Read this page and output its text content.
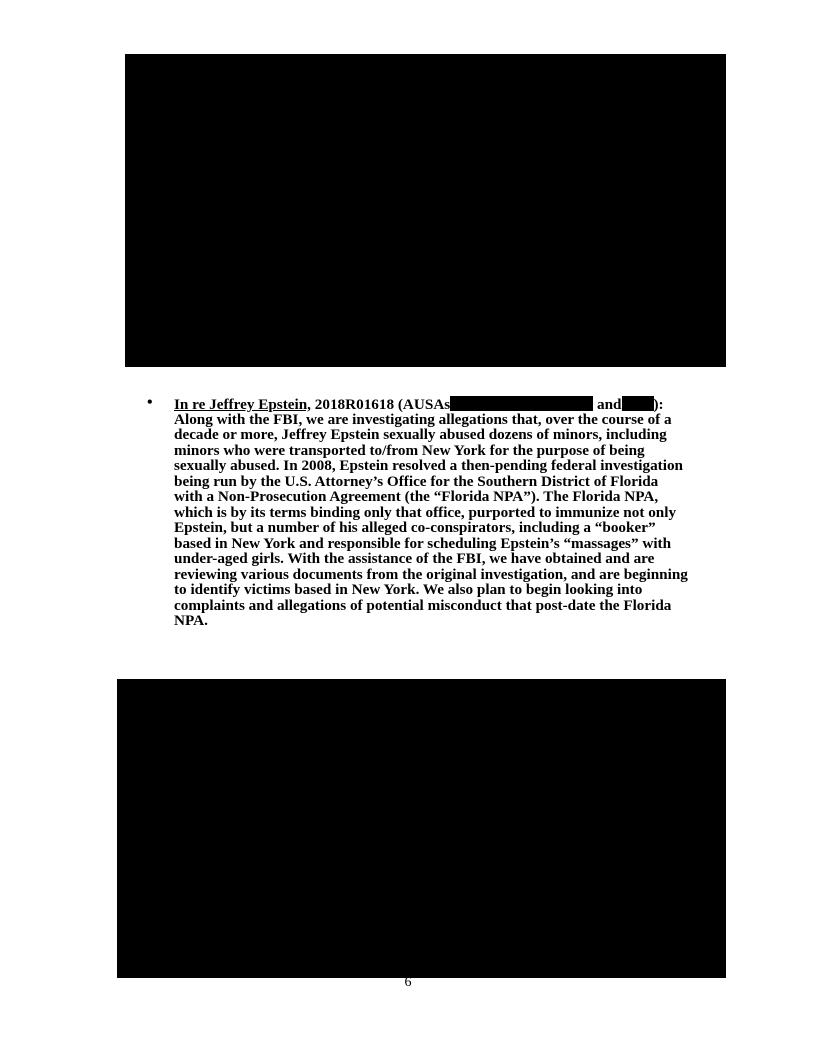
• In re Jeffrey Epstein, 2018R01618 (AUSAs	and ):
Along with the FBI, we are investigating allegations that, over the course of a
decade or more, Jeffrey Epstein sexually abused dozens of minors, including
minors who were transported to/from New York for the purpose of being
sexually abused. In 2008, Epstein resolved a then-pending federal investigation
being run by the U.S. Attorney’s Office for the Southern District of Florida
with a Non-Prosecution Agreement (the “Florida NPA”). The Florida NPA,
which is by its terms binding only that office, purported to immunize not only
Epstein, but a number of his alleged co-conspirators, including a “booker”
based in New York and responsible for scheduling Epstein’s “massages” with
under-aged girls. With the assistance of the FBI, we have obtained and are
reviewing various documents from the original investigation, and are beginning
to identify victims based in New York. We also plan to begin looking into
complaints and allegations of potential misconduct that post-date the Florida
NPA.
6
